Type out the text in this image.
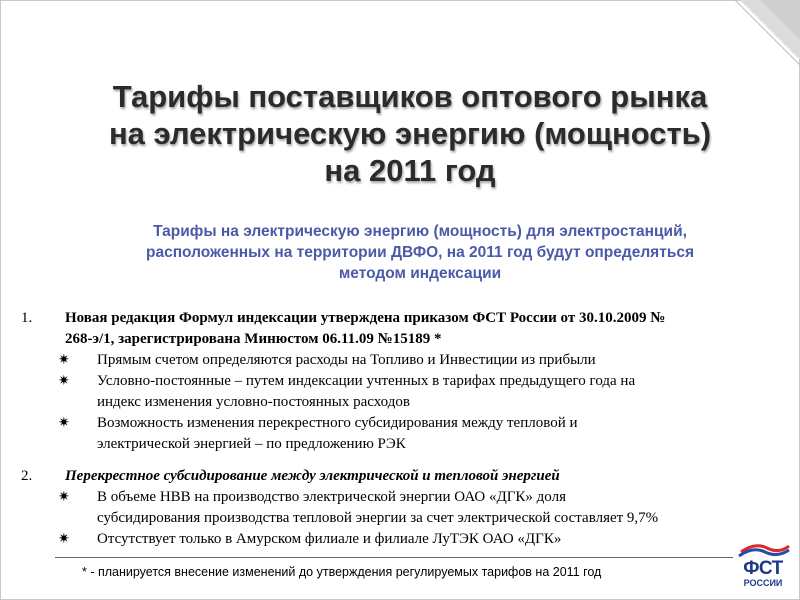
Тарифы поставщиков оптового рынка
на электрическую энергию (мощность)
на 2011 год
Тарифы на электрическую энергию (мощность) для электростанций,
расположенных на территории ДВФО, на 2011 год будут определяться
методом индексации
1. Новая редакция Формул индексации утверждена приказом ФСТ России от 30.10.2009 №
268-э/1, зарегистрирована Минюстом 06.11.09 №15189 *
✷ Прямым счетом определяются расходы на Топливо и Инвестиции из прибыли
✷ Условно-постоянные – путем индексации учтенных в тарифах предыдущего года на
индекс изменения условно-постоянных расходов
✷ Возможность изменения перекрестного субсидирования между тепловой и
электрической энергией – по предложению РЭК
2. Перекрестное субсидирование между электрической и тепловой энергией
✷ В объеме НВВ на производство электрической энергии ОАО «ДГК» доля
субсидирования производства тепловой энергии за счет электрической составляет 9,7%
✷ Отсутствует только в Амурском филиале и филиале ЛуТЭК ОАО «ДГК»
* - планируется внесение изменений до утверждения регулируемых тарифов на 2011 год	ФСТ
РОССИИ
